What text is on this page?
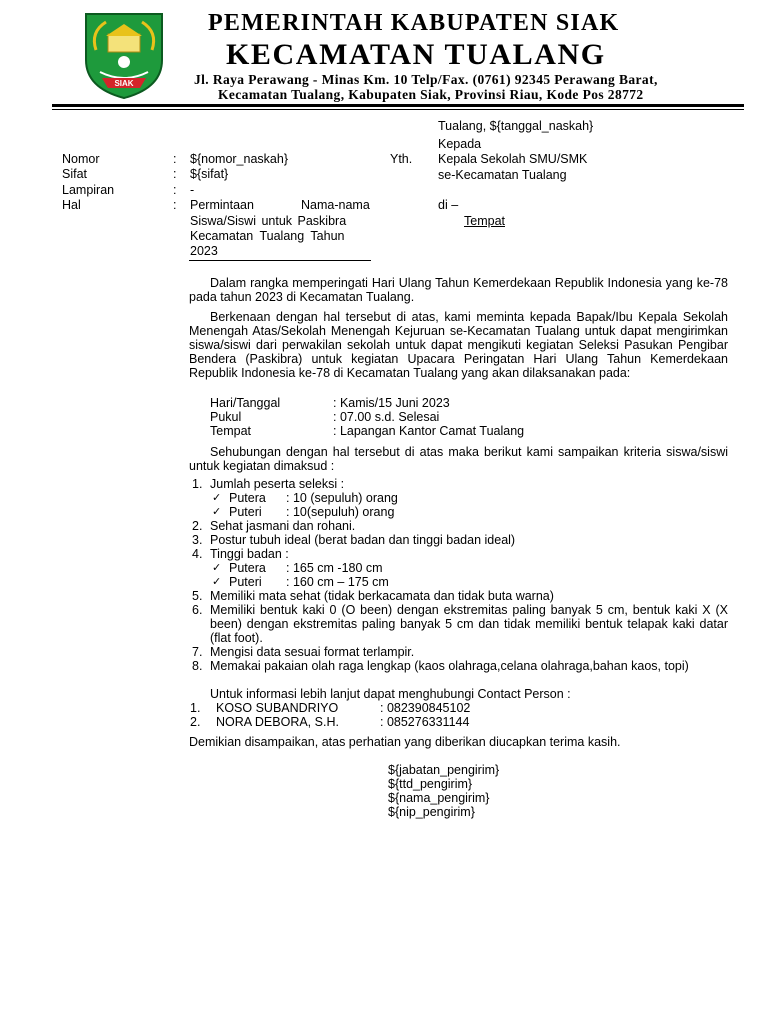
SIAK
PEMERINTAH KABUPATEN SIAK
KECAMATAN TUALANG
Jl. Raya Perawang - Minas Km. 10 Telp/Fax. (0761) 92345 Perawang Barat,
Kecamatan Tualang, Kabupaten Siak, Provinsi Riau, Kode Pos 28772
Tualang, ${tanggal_naskah}
Kepada
Yth. Kepala Sekolah SMU/SMK
se-Kecamatan Tualang
di –
Tempat
Nomor	: ${nomor_naskah}
Sifat	: ${sifat}
Lampiran	: -
Hal	: Permintaan	Nama-nama
Siswa/Siswi untuk Paskibra
Kecamatan Tualang Tahun
2023
Dalam rangka memperingati Hari Ulang Tahun Kemerdekaan Republik Indonesia yang ke-78 pada tahun 2023 di Kecamatan Tualang.
Berkenaan dengan hal tersebut di atas, kami meminta kepada Bapak/Ibu Kepala Sekolah Menengah Atas/Sekolah Menengah Kejuruan se-Kecamatan Tualang untuk dapat mengirimkan siswa/siswi dari perwakilan sekolah untuk dapat mengikuti kegiatan Seleksi Pasukan Pengibar Bendera (Paskibra) untuk kegiatan Upacara Peringatan Hari Ulang Tahun Kemerdekaan Republik Indonesia ke-78 di Kecamatan Tualang yang akan dilaksanakan pada:
Hari/Tanggal	: Kamis/15 Juni 2023
Pukul	: 07.00 s.d. Selesai
Tempat	: Lapangan Kantor Camat Tualang
Sehubungan dengan hal tersebut di atas maka berikut kami sampaikan kriteria siswa/siswi untuk kegiatan dimaksud :
1. Jumlah peserta seleksi :
✓ Putera : 10 (sepuluh) orang
✓ Puteri : 10(sepuluh) orang
2. Sehat jasmani dan rohani.
3. Postur tubuh ideal (berat badan dan tinggi badan ideal)
4. Tinggi badan :
✓ Putera : 165 cm -180 cm
✓ Puteri : 160 cm – 175 cm
5. Memiliki mata sehat (tidak berkacamata dan tidak buta warna)
6. Memiliki bentuk kaki 0 (O been) dengan ekstremitas paling banyak 5 cm, bentuk kaki X (X been) dengan ekstremitas paling banyak 5 cm dan tidak memiliki bentuk telapak kaki datar (flat foot).
7. Mengisi data sesuai format terlampir.
8. Memakai pakaian olah raga lengkap (kaos olahraga,celana olahraga,bahan kaos, topi)
Untuk informasi lebih lanjut dapat menghubungi Contact Person :
1. KOSO SUBANDRIYO	: 082390845102
2. NORA DEBORA, S.H.	: 085276331144
Demikian disampaikan, atas perhatian yang diberikan diucapkan terima kasih.
${jabatan_pengirim}
${ttd_pengirim}
${nama_pengirim}
${nip_pengirim}
